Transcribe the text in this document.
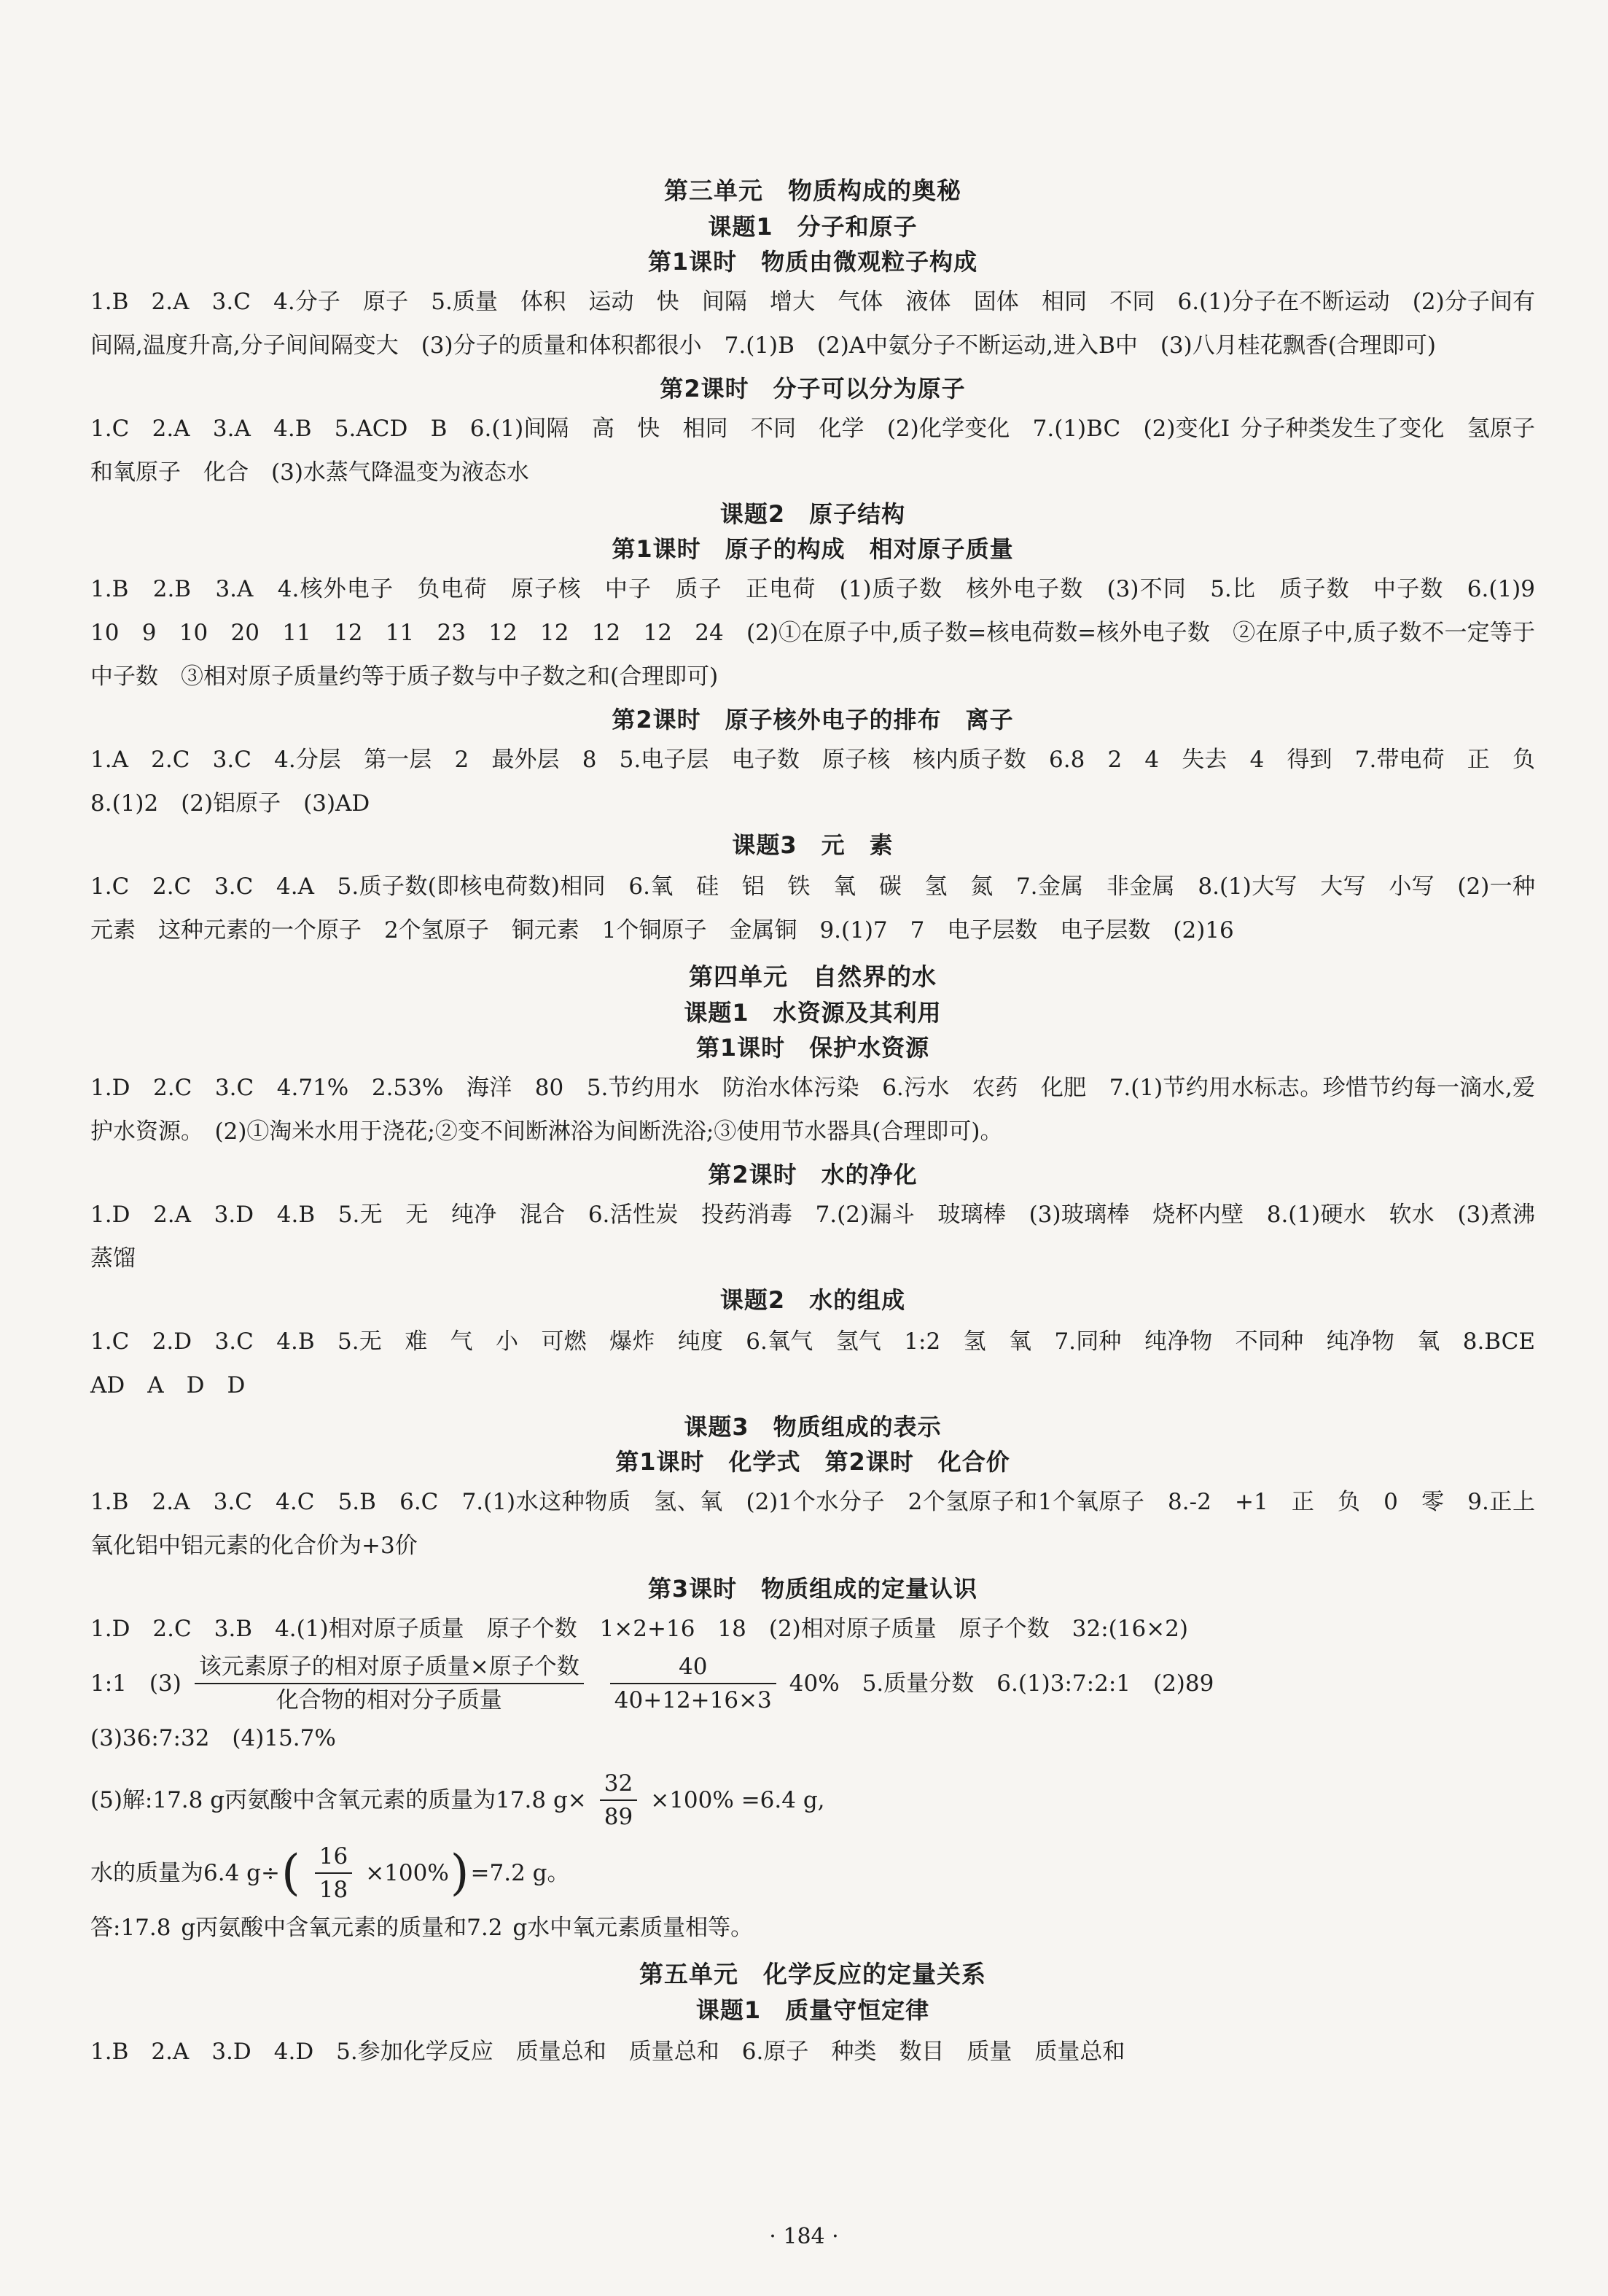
第三单元　物质构成的奥秘
课题1　分子和原子
第1课时　物质由微观粒子构成
1.B　2.A　3.C　4.分子　原子　5.质量　体积　运动　快　间隔　增大　气体　液体　固体　相同　不同　6.(1)分子在不断运动　(2)分子间有间隔,温度升高,分子间间隔变大　(3)分子的质量和体积都很小　7.(1)B　(2)A中氨分子不断运动,进入B中　(3)八月桂花飘香(合理即可)
第2课时　分子可以分为原子
1.C　2.A　3.A　4.B　5.ACD　B　6.(1)间隔　高　快　相同　不同　化学　(2)化学变化　7.(1)BC　(2)变化I 分子种类发生了变化　氢原子和氧原子　化合　(3)水蒸气降温变为液态水
课题2　原子结构
第1课时　原子的构成　相对原子质量
1.B　2.B　3.A　4.核外电子　负电荷　原子核　中子　质子　正电荷　(1)质子数　核外电子数　(3)不同　5.比　质子数　中子数　6.(1)9　10　9　10　20　11　12　11　23　12　12　12　12　24　(2)①在原子中,质子数=核电荷数=核外电子数　②在原子中,质子数不一定等于中子数　③相对原子质量约等于质子数与中子数之和(合理即可)
第2课时　原子核外电子的排布　离子
1.A　2.C　3.C　4.分层　第一层　2　最外层　8　5.电子层　电子数　原子核　核内质子数　6.8　2　4　失去　4　得到　7.带电荷　正　负　8.(1)2　(2)铝原子　(3)AD
课题3　元　素
1.C　2.C　3.C　4.A　5.质子数(即核电荷数)相同　6.氧　硅　铝　铁　氧　碳　氢　氮　7.金属　非金属　8.(1)大写　大写　小写　(2)一种元素　这种元素的一个原子　2个氢原子　铜元素　1个铜原子　金属铜　9.(1)7　7　电子层数　电子层数　(2)16
第四单元　自然界的水
课题1　水资源及其利用
第1课时　保护水资源
1.D　2.C　3.C　4.71%　2.53%　海洋　80　5.节约用水　防治水体污染　6.污水　农药　化肥　7.(1)节约用水标志。珍惜节约每一滴水,爱护水资源。　(2)①淘米水用于浇花;②变不间断淋浴为间断洗浴;③使用节水器具(合理即可)。
第2课时　水的净化
1.D　2.A　3.D　4.B　5.无　无　纯净　混合　6.活性炭　投药消毒　7.(2)漏斗　玻璃棒　(3)玻璃棒　烧杯内壁　8.(1)硬水　软水　(3)煮沸　蒸馏
课题2　水的组成
1.C　2.D　3.C　4.B　5.无　难　气　小　可燃　爆炸　纯度　6.氧气　氢气　1:2　氢　氧　7.同种　纯净物　不同种　纯净物　氧　8.BCE　AD　A　D　D
课题3　物质组成的表示
第1课时　化学式　第2课时　化合价
1.B　2.A　3.C　4.C　5.B　6.C　7.(1)水这种物质　氢、氧　(2)1个水分子　2个氢原子和1个氧原子　8.-2　+1　正　负　0　零　9.正上　氧化铝中铝元素的化合价为+3价
第3课时　物质组成的定量认识
1.D　2.C　3.B　4.(1)相对原子质量　原子个数　1×2+16　18　(2)相对原子质量　原子个数　32:(16×2)
1:1　$(3) \frac{\text{该元素原子的相对原子质量×原子个数}}{\text{化合物的相对分子质量}} \frac{40}{40+12+16\times 3} 40\%$　5.质量分数　6.(1)3:7:2:1　(2)89
(3)36:7:32　(4)15.7%
(5)解:17.8 g丙氨酸中含氧元素的质量为17.8 $g\times \frac{32}{89} \times 100\% =6.4$ g,
水的质量为6.4 g÷ ( $\frac{16}{18} \times 100\%$ ) =7.2 g。
答:17.8 g丙氨酸中含氧元素的质量和7.2 g水中氧元素质量相等。
第五单元　化学反应的定量关系
课题1　质量守恒定律
1.B　2.A　3.D　4.D　5.参加化学反应　质量总和　质量总和　6.原子　种类　数目　质量　质量总和
· 184 ·
